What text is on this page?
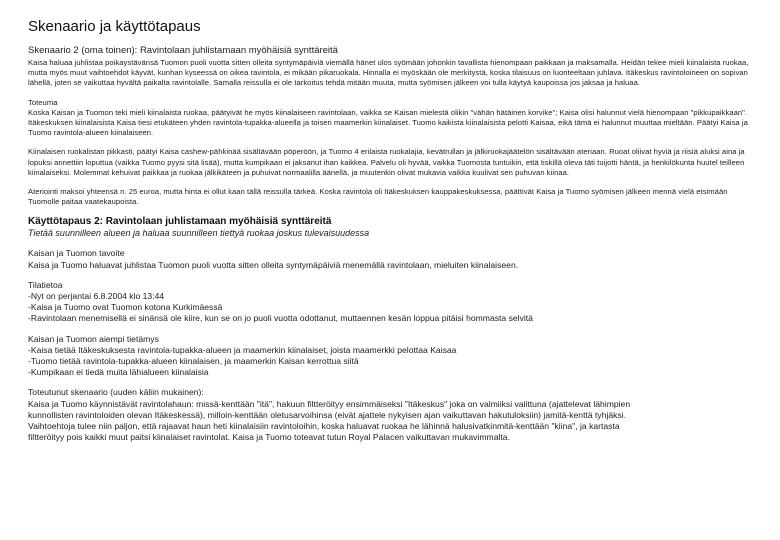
Skenaario ja käyttötapaus
Skenaario 2 (oma toinen): Ravintolaan juhlistamaan myöhäisiä synttäreitä

Kaisa haluaa juhlistaa poikaystävänsä Tuomon puoli vuotta sitten olleita syntymäpäiviä viemällä hänet ulos syömään johonkin tavallista hienompaan paikkaan ja maksamalla. Heidän tekee mieli kiinalaista ruokaa, mutta myös muut vaihtoehdot käyvät, kunhan kyseessä on oikea ravintola, ei mikään pikaruokala. Hinnalla ei myöskään ole merkitystä, koska tilaisuus on luonteeltaan juhlava. Itäkeskus ravintoloineen on sopivan lähellä, joten se vaikuttaa hyvältä paikalta ravintolalle. Samalla reissulla ei ole tarkoitus tehdä mitään muuta, mutta syömisen jälkeen voi tulla käytyä kaupoissa jos jaksaa ja haluaa.

Toteuma

Koska Kaisan ja Tuomon teki mieli kiinalaista ruokaa, päätyivät he myös kiinalaiseen ravintolaan, vaikka se Kaisan mielestä olikin "vähän hätäinen korvike"; Kaisa olisi halunnut vielä hienompaan "pikkupaikkaan". Itäkeskuksen kiinalaisista Kaisa tiesi etukäteen yhden ravintola-tupakka-alueella ja toisen maamerkin kiinalaiset. Tuomo kaikista kiinalaisista pelotti Kaisaa, eikä tämä ei halunnut muuttaa mieltään. Päätyi Kaisa ja Tuomo ravintola-alueen kiinalaiseen.

Kiinalaisen ruokalistan pikkasti, päätyi Kaisa cashew-pähkinää sisältävään pöperöön, ja Tuomo 4 erilaista ruokalajia, kevätrullan ja jälkiruokajäätelön sisältävään ateriaan. Ruoat oliivat hyviä ja riisiä aluksi aina ja lopuksi annettiin loputtua (vaikka Tuomo pyysi sitä lisää), mutta kumpikaan ei jaksanut ihan kaikkea. Palvelu oli hyvää, vaikka Tuomosta tuntuikin, että tiskillä oleva täti tuijotti häntä, ja henkilökunta huutel teilleen kiinalaiseksi. Molemmat kehuivat paikkaa ja ruokaa jälkikäteen ja puhuivat normaalilla äänellä, ja muutenkin olivat mukavia vaikka kuulivat sen puhuvan kiinaa.

Ateriointi maksoi yhteensä n. 25 euroa, mutta hinta ei ollut kaan tällä reissulla tärkeä. Koska ravintola oli Itäkeskuksen kauppakeskuksessa, päättivät Kaisa ja Tuomo syömisen jälkeen mennä vielä etsimään Tuomolle paitaa vaatekaupoista.

Käyttötapaus 2: Ravintolaan juhlistamaan myöhäisiä synttäreitä
Tietää suunnilleen alueen ja haluaa suunnilleen tiettyä ruokaa joskus tulevaisuudessa
Kaisan ja Tuomon tavoite
Kaisa ja Tuomo haluavat juhlistaa Tuomon puoli vuotta sitten olleita syntymäpäiviä menemällä ravintolaan, mieluiten kiinalaiseen.
Tilatietoa
-Nyt on perjantai 6.8.2004 klo 13:44
-Kaisa ja Tuomo ovat Tuomon kotona Kurkimäessä
-Ravintolaan menemisellä ei sinänsä ole kiire, kun se on jo puoli vuotta odottanut, muttaennen kesän loppua pitäisi hommasta selvitä
Kaisan ja Tuomon aiempi tietämys
-Kaisa tietää Itäkeskuksesta ravintola-tupakka-alueen ja maamerkin kiinalaiset, joista maamerkki pelottaa Kaisaa
-Tuomo tietää ravintola-tupakka-alueen kiinalaisen, ja maamerkin Kaisan kerrottua siitä
-Kumpikaan ei tiedä muita lähialueen kiinalaisia
Toteutunut skenaario (uuden käliin mukainen):
Kaisa ja Tuomo käynnistävät ravintolahaun: missä-kenttään "itä", hakuun filtteröityy ensimmäiseksi "Itäkeskus" joka on valmiiksi valittuna (ajattelevat lähimpien
kunnollisten ravintoloiden olevan Itäkeskessä), milloin-kenttään oletusarvoihinsa (eivät ajattele nykyisen ajan vaikuttavan hakutuloksiin) jamitä-kenttä tyhjäksi.
Vaihtoehtoja tulee niin paljon, että rajaavat haun heti kiinalaisiin ravintoloihin, koska haluavat ruokaa he lähinnä halusivatkinmitä-kenttään "kiina", ja kartasta
filtteröityy pois kaikki muut paitsi kiinalaiset ravintolat. Kaisa ja Tuomo toteavat tutun Royal Palacen vaikuttavan mukavimmalta.
